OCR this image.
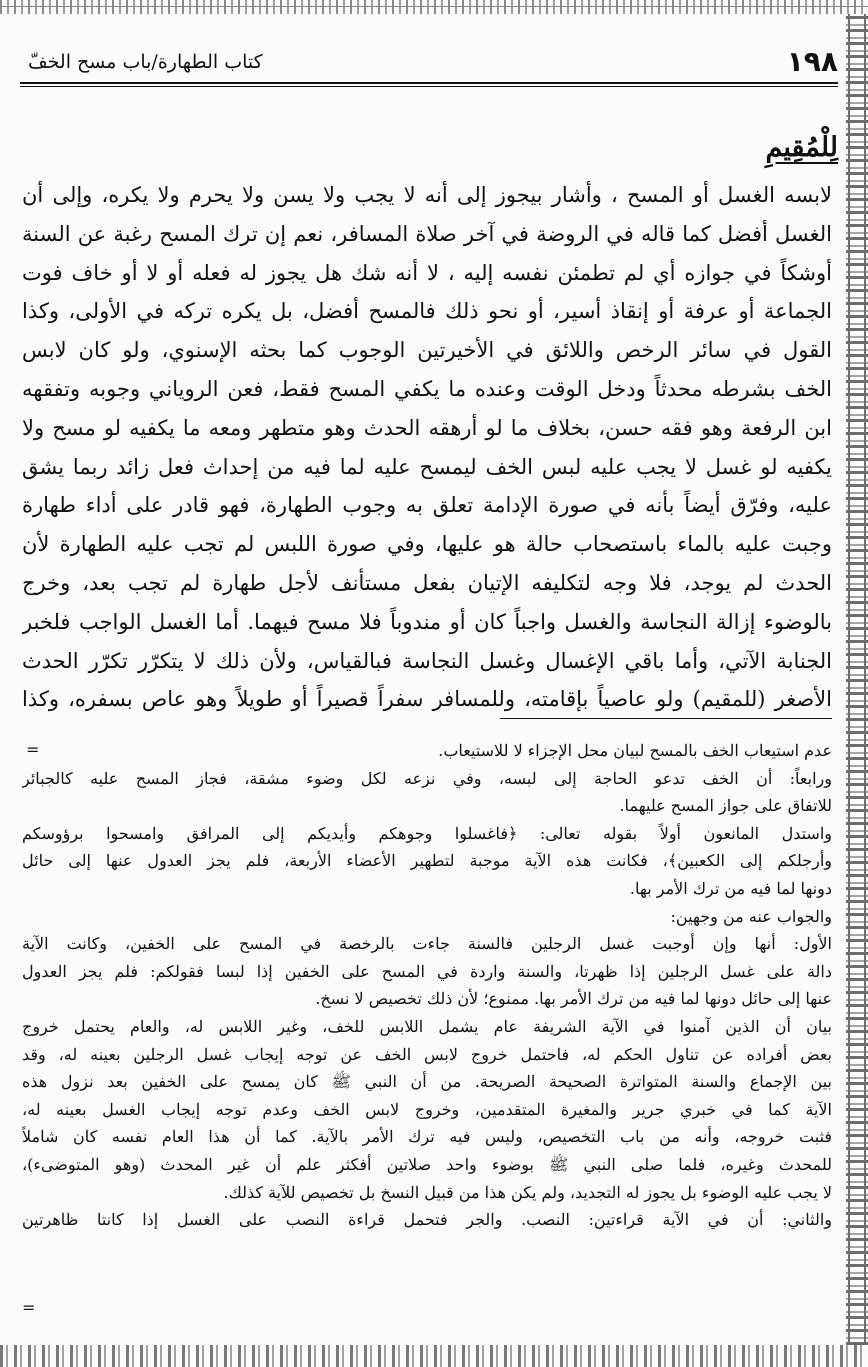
١٩٨
كتاب الطهارة/باب مسح الخفّ
لِلْمُقِيمِ
لابسه الغسل أو المسح ، وأشار بيجوز إلى أنه لا يجب ولا يسن ولا يحرم ولا يكره، وإلى أن
الغسل أفضل كما قاله في الروضة في آخر صلاة المسافر، نعم إن ترك المسح رغبة عن السنة
أوشكاً في جوازه أي لم تطمئن نفسه إليه ، لا أنه شك هل يجوز له فعله أو لا أو خاف فوت
الجماعة أو عرفة أو إنقاذ أسير، أو نحو ذلك فالمسح أفضل، بل يكره تركه في الأولى، وكذا
القول في سائر الرخص واللائق في الأخيرتين الوجوب كما بحثه الإسنوي، ولو كان لابس
الخف بشرطه محدثاً ودخل الوقت وعنده ما يكفي المسح فقط، فعن الروياني وجوبه وتفقهه
ابن الرفعة وهو فقه حسن، بخلاف ما لو أرهقه الحدث وهو متطهر ومعه ما يكفيه لو مسح ولا
يكفيه لو غسل لا يجب عليه لبس الخف ليمسح عليه لما فيه من إحداث فعل زائد ربما يشق
عليه، وفرّق أيضاً بأنه في صورة الإدامة تعلق به وجوب الطهارة، فهو قادر على أداء طهارة
وجبت عليه بالماء باستصحاب حالة هو عليها، وفي صورة اللبس لم تجب عليه الطهارة لأن
الحدث لم يوجد، فلا وجه لتكليفه الإتيان بفعل مستأنف لأجل طهارة لم تجب بعد، وخرج
بالوضوء إزالة النجاسة والغسل واجباً كان أو مندوباً فلا مسح فيهما. أما الغسل الواجب فلخبر
الجنابة الآتي، وأما باقي الإغسال وغسل النجاسة فبالقياس، ولأن ذلك لا يتكرّر تكرّر الحدث
الأصغر (للمقيم) ولو عاصياً بإقامته، وللمسافر سفراً قصيراً أو طويلاً وهو عاص بسفره، وكذا
=	عدم استيعاب الخف بالمسح لبيان محل الإجزاء لا للاستيعاب.
ورابعاً: أن الخف تدعو الحاجة إلى لبسه، وفي نزعه لكل وضوء مشقة، فجاز المسح عليه كالجبائر
للاتفاق على جواز المسح عليهما.
واستدل المانعون أولاً بقوله تعالى: ﴿فاغسلوا وجوهكم وأيديكم إلى المرافق وامسحوا برؤوسكم
وأرجلكم إلى الكعبين﴾، فكانت هذه الآية موجبة لتطهير الأعضاء الأربعة، فلم يجز العدول عنها إلى حائل
دونها لما فيه من ترك الأمر بها.
والجواب عنه من وجهين:
الأول: أنها وإن أوجبت غسل الرجلين فالسنة جاءت بالرخصة في المسح على الخفين، وكانت الآية
دالة على غسل الرجلين إذا ظهرتا، والسنة واردة في المسح على الخفين إذا لبسا فقولكم: فلم يجز العدول
عنها إلى حائل دونها لما فيه من ترك الأمر بها. ممنوع؛ لأن ذلك تخصيص لا نسخ.
بيان أن الذين آمنوا في الآية الشريفة عام يشمل اللابس للخف، وغير اللابس له، والعام يحتمل خروج
بعض أفراده عن تناول الحكم له، فاحتمل خروج لابس الخف عن توجه إيجاب غسل الرجلين بعينه له، وقد
بين الإجماع والسنة المتواترة الصحيحة الصريحة. من أن النبي ﷺ كان يمسح على الخفين بعد نزول هذه
الآية كما في خبري جرير والمغيرة المتقدمين، وخروج لابس الخف وعدم توجه إيجاب الغسل بعينه له،
فثبت خروجه، وأنه من باب التخصيص، وليس فيه ترك الأمر بالآية. كما أن هذا العام نفسه كان شاملاً
للمحدث وغيره، فلما صلى النبي ﷺ بوضوء واحد صلاتين أفكثر علم أن غير المحدث (وهو المتوضىء)،
لا يجب عليه الوضوء بل يجوز له التجديد، ولم يكن هذا من قبيل النسخ بل تخصيص للآية كذلك.
والثاني: أن في الآية قراءتين: النصب. والجر فتحمل قراءة النصب على الغسل إذا كانتا ظاهرتين
=
